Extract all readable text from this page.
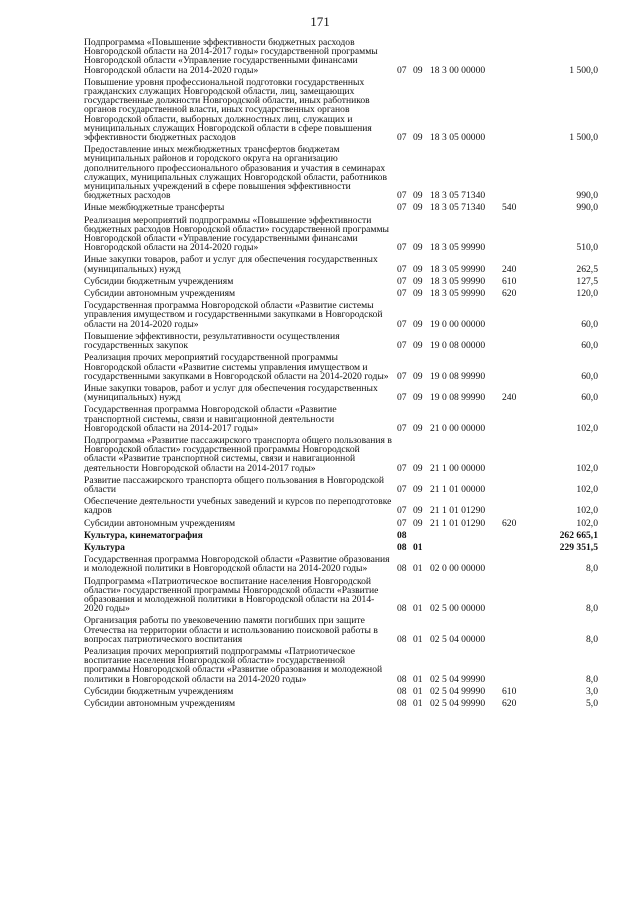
171
Подпрограмма «Повышение эффективности бюджетных расходов Новгородской области на 2014-2017 годы» государственной программы Новгородской области «Управление государственными финансами Новгородской области на 2014-2020 годы»	07	09	18 3 00 00000		1 500,0

Повышение уровня профессиональной подготовки государственных гражданских служащих Новгородской области, лиц, замещающих государственные должности Новгородской области, иных работников органов государственной власти, иных государственных органов Новгородской области, выборных должностных лиц, служащих и муниципальных служащих Новгородской области в сфере повышения эффективности бюджетных расходов	07	09	18 3 05 00000		1 500,0

Предоставление иных межбюджетных трансфертов бюджетам муниципальных районов и городского округа на организацию дополнительного профессионального образования и участия в семинарах служащих, муниципальных служащих Новгородской области, работников муниципальных учреждений в сфере повышения эффективности бюджетных расходов	07	09	18 3 05 71340		990,0

Иные межбюджетные трансферты	07	09	18 3 05 71340	540	990,0

Реализация мероприятий подпрограммы «Повышение эффективности бюджетных расходов Новгородской области» государственной программы Новгородской области «Управление государственными финансами Новгородской области на 2014-2020 годы»	07	09	18 3 05 99990		510,0

Иные закупки товаров, работ и услуг для обеспечения государственных (муниципальных) нужд	07	09	18 3 05 99990	240	262,5

Субсидии бюджетным учреждениям	07	09	18 3 05 99990	610	127,5

Субсидии автономным учреждениям	07	09	18 3 05 99990	620	120,0

Государственная программа Новгородской области «Развитие системы управления имуществом и государственными закупками в Новгородской области на 2014-2020 годы»	07	09	19 0 00 00000		60,0

Повышение эффективности, результативности осуществления государственных закупок	07	09	19 0 08 00000		60,0

Реализация прочих мероприятий государственной программы Новгородской области «Развитие системы управления имуществом и государственными закупками в Новгородской области на 2014-2020 годы»	07	09	19 0 08 99990		60,0

Иные закупки товаров, работ и услуг для обеспечения государственных (муниципальных) нужд	07	09	19 0 08 99990	240	60,0

Государственная программа Новгородской области «Развитие транспортной системы, связи и навигационной деятельности Новгородской области на 2014-2017 годы»	07	09	21 0 00 00000		102,0

Подпрограмма «Развитие пассажирского транспорта общего пользования в Новгородской области» государственной программы Новгородской области «Развитие транспортной системы, связи и навигационной деятельности Новгородской области на 2014-2017 годы»	07	09	21 1 00 00000		102,0

Развитие пассажирского транспорта общего пользования в Новгородской области	07	09	21 1 01 00000		102,0

Обеспечение деятельности учебных заведений и курсов по переподготовке кадров	07	09	21 1 01 01290		102,0

Субсидии автономным учреждениям	07	09	21 1 01 01290	620	102,0

Культура, кинематография	08				262 665,1

Культура	08	01			229 351,5

Государственная программа Новгородской области «Развитие образования и молодежной политики в Новгородской области на 2014-2020 годы»	08	01	02 0 00 00000		8,0

Подпрограмма «Патриотическое воспитание населения Новгородской области» государственной программы Новгородской области «Развитие образования и молодежной политики в Новгородской области на 2014-2020 годы»	08	01	02 5 00 00000		8,0

Организация работы по увековечению памяти погибших при защите Отечества на территории области и использованию поисковой работы в вопросах патриотического воспитания	08	01	02 5 04 00000		8,0

Реализация прочих мероприятий подпрограммы «Патриотическое воспитание населения Новгородской области» государственной программы Новгородской области «Развитие образования и молодежной политики в Новгородской области на 2014-2020 годы»	08	01	02 5 04 99990		8,0

Субсидии бюджетным учреждениям	08	01	02 5 04 99990	610	3,0

Субсидии автономным учреждениям	08	01	02 5 04 99990	620	5,0
